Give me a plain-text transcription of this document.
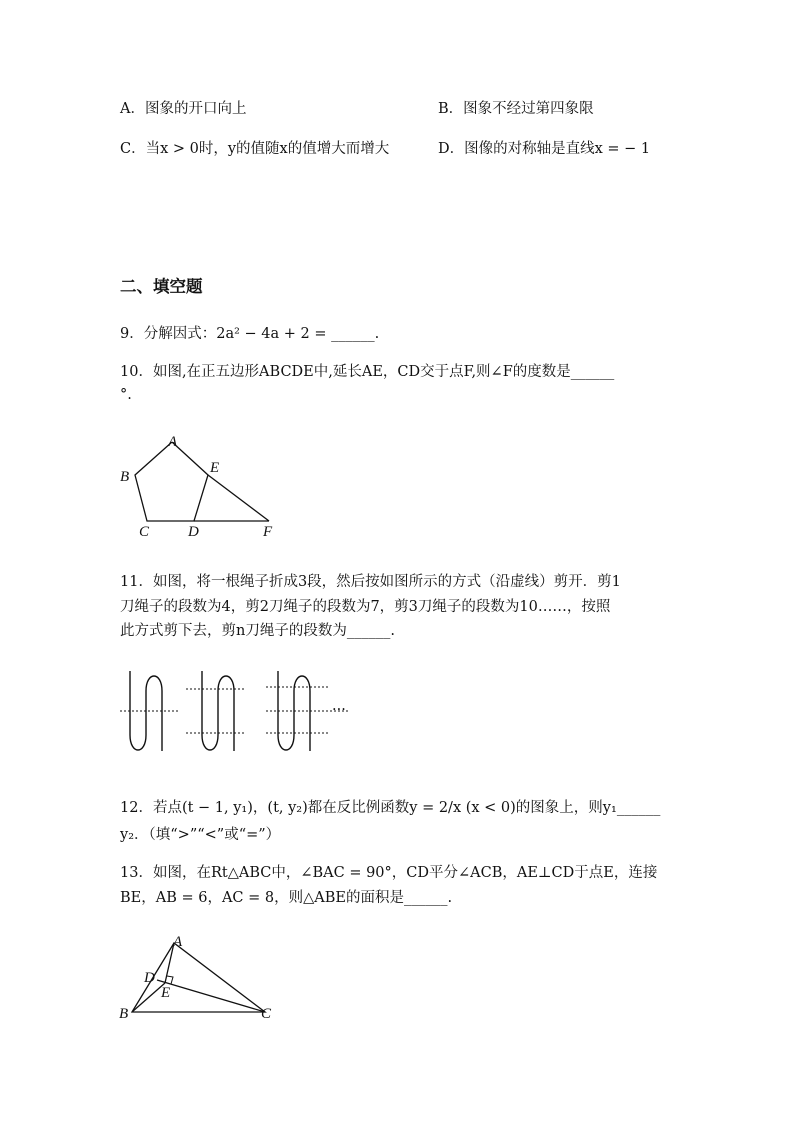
A．图象的开口向上	B．图象不经过第四象限
C．当x > 0时，y的值随x的值增大而增大	D．图像的对称轴是直线x = − 1
二、填空题
9．分解因式：2a² − 4a + 2 = ______.
10．如图,在正五边形ABCDE中,延长AE，CD交于点F,则∠F的度数是______
°.
A
B
C	D
E
F
11．如图，将一根绳子折成3段，然后按如图所示的方式（沿虚线）剪开．剪1
刀绳子的段数为4，剪2刀绳子的段数为7，剪3刀绳子的段数为10……，按照
此方式剪下去，剪n刀绳子的段数为______.
···
12．若点(t − 1, y₁)，(t, y₂)都在反比例函数y = 2/x (x < 0)的图象上，则y₁______
y₂．（填“>”“<”或“=”）
13．如图，在Rt△ABC中，∠BAC = 90°，CD平分∠ACB，AE⊥CD于点E，连接
BE，AB = 6，AC = 8，则△ABE的面积是______.
A
D
E
B	C
